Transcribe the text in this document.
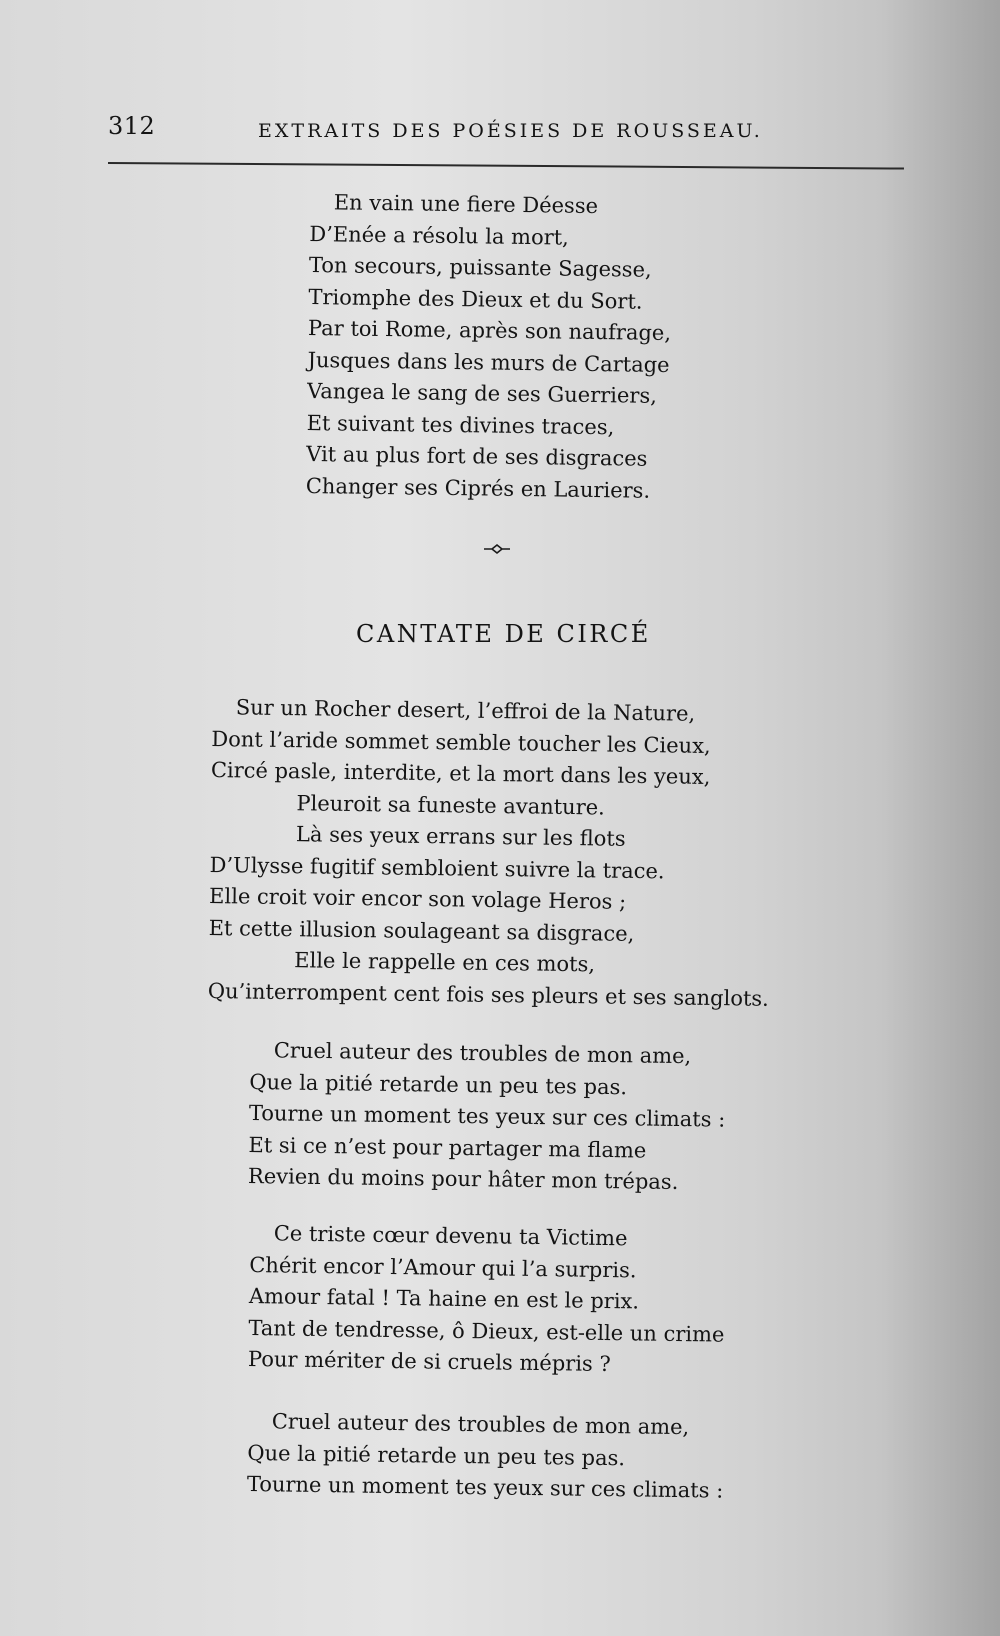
312	EXTRAITS DES POÉSIES DE ROUSSEAU.
En vain une fiere Déesse
D’Enée a résolu la mort,
Ton secours, puissante Sagesse,
Triomphe des Dieux et du Sort.
Par toi Rome, après son naufrage,
Jusques dans les murs de Cartage
Vangea le sang de ses Guerriers,
Et suivant tes divines traces,
Vit au plus fort de ses disgraces
Changer ses Ciprés en Lauriers.
CANTATE DE CIRCÉ
Sur un Rocher desert, l’effroi de la Nature,
Dont l’aride sommet semble toucher les Cieux,
Circé pasle, interdite, et la mort dans les yeux,
Pleuroit sa funeste avanture.
Là ses yeux errans sur les flots
D’Ulysse fugitif sembloient suivre la trace.
Elle croit voir encor son volage Heros ;
Et cette illusion soulageant sa disgrace,
Elle le rappelle en ces mots,
Qu’interrompent cent fois ses pleurs et ses sanglots.
Cruel auteur des troubles de mon ame,
Que la pitié retarde un peu tes pas.
Tourne un moment tes yeux sur ces climats :
Et si ce n’est pour partager ma flame
Revien du moins pour hâter mon trépas.
Ce triste cœur devenu ta Victime
Chérit encor l’Amour qui l’a surpris.
Amour fatal ! Ta haine en est le prix.
Tant de tendresse, ô Dieux, est-elle un crime
Pour mériter de si cruels mépris ?
Cruel auteur des troubles de mon ame,
Que la pitié retarde un peu tes pas.
Tourne un moment tes yeux sur ces climats :
